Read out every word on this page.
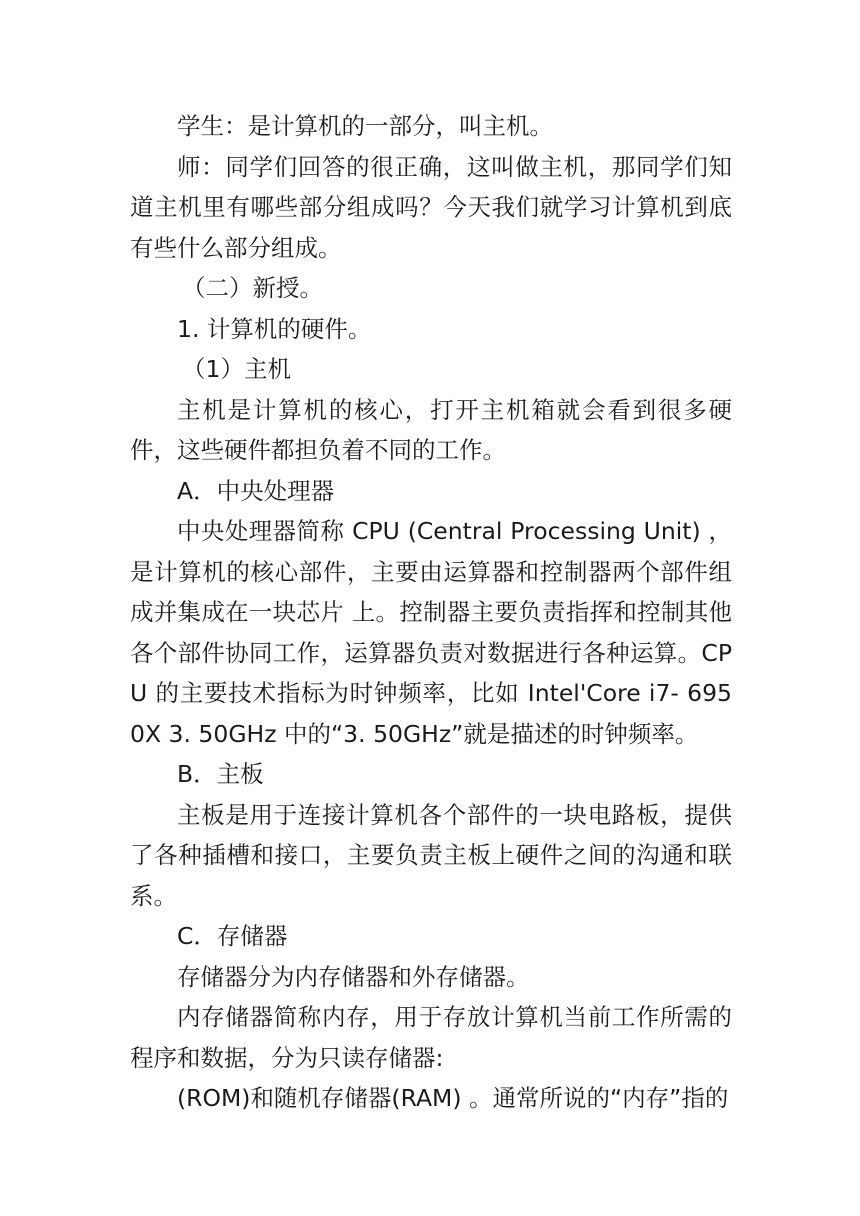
学生：是计算机的一部分，叫主机。

师：同学们回答的很正确，这叫做主机，那同学们知道主机里有哪些部分组成吗？今天我们就学习计算机到底有些什么部分组成。

（二）新授。

1. 计算机的硬件。

（1）主机

主机是计算机的核心，打开主机箱就会看到很多硬件，这些硬件都担负着不同的工作。

A．中央处理器

中央处理器简称 CPU (Central Processing Unit) ，是计算机的核心部件，主要由运算器和控制器两个部件组成并集成在一块芯片 上。控制器主要负责指挥和控制其他各个部件协同工作，运算器负责对数据进行各种运算。CPU 的主要技术指标为时钟频率，比如 Intel'Core i7- 6950X 3. 50GHz 中的“3. 50GHz”就是描述的时钟频率。

B．主板

主板是用于连接计算机各个部件的一块电路板，提供了各种插槽和接口，主要负责主板上硬件之间的沟通和联系。

C．存储器

存储器分为内存储器和外存储器。

内存储器简称内存，用于存放计算机当前工作所需的程序和数据，分为只读存储器:

(ROM)和随机存储器(RAM) 。通常所说的“内存”指的
